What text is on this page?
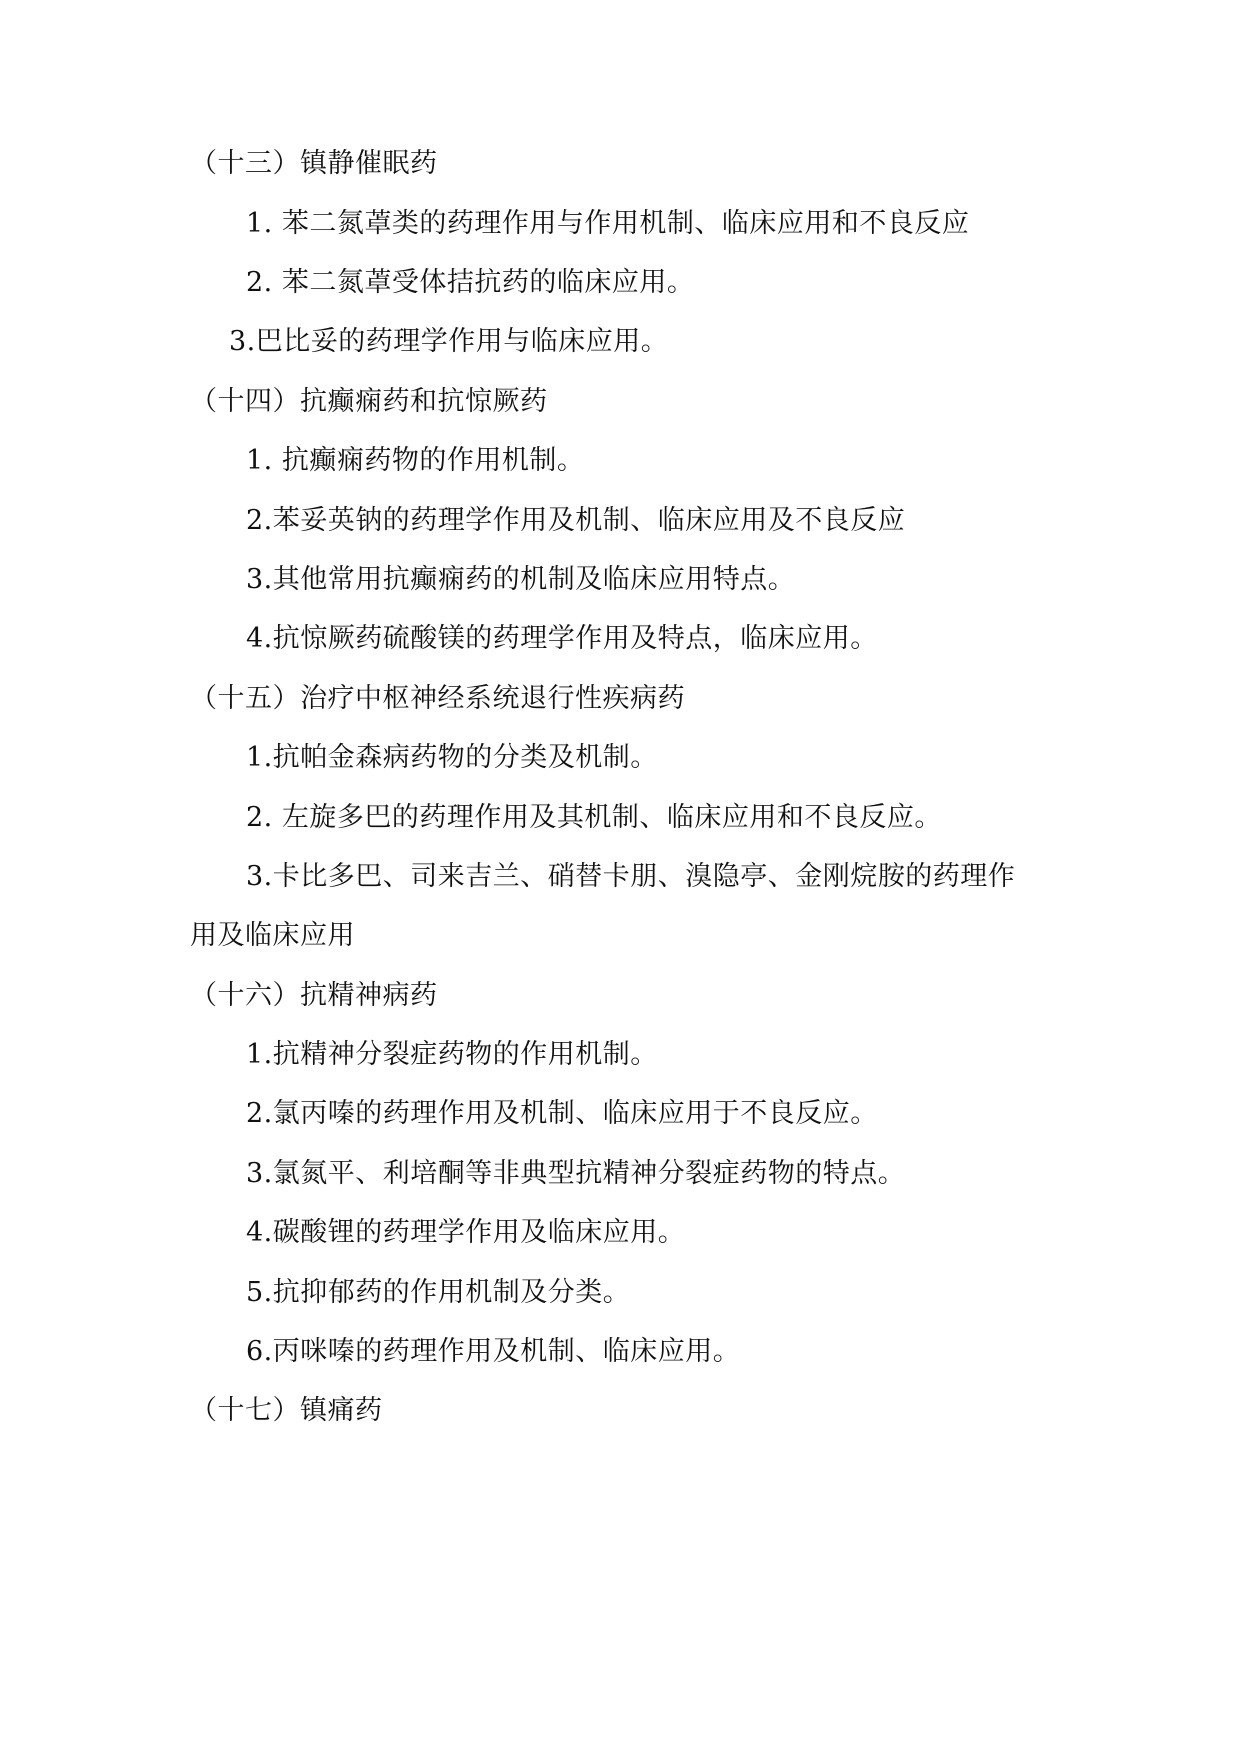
（十三）镇静催眠药
1. 苯二氮䓬类的药理作用与作用机制、临床应用和不良反应
2. 苯二氮䓬受体拮抗药的临床应用。
3.巴比妥的药理学作用与临床应用。
（十四）抗癫痫药和抗惊厥药
1. 抗癫痫药物的作用机制。
2.苯妥英钠的药理学作用及机制、临床应用及不良反应
3.其他常用抗癫痫药的机制及临床应用特点。
4.抗惊厥药硫酸镁的药理学作用及特点，临床应用。
（十五）治疗中枢神经系统退行性疾病药
1.抗帕金森病药物的分类及机制。
2. 左旋多巴的药理作用及其机制、临床应用和不良反应。
3.卡比多巴、司来吉兰、硝替卡朋、溴隐亭、金刚烷胺的药理作
用及临床应用
（十六）抗精神病药
1.抗精神分裂症药物的作用机制。
2.氯丙嗪的药理作用及机制、临床应用于不良反应。
3.氯氮平、利培酮等非典型抗精神分裂症药物的特点。
4.碳酸锂的药理学作用及临床应用。
5.抗抑郁药的作用机制及分类。
6.丙咪嗪的药理作用及机制、临床应用。
（十七）镇痛药
